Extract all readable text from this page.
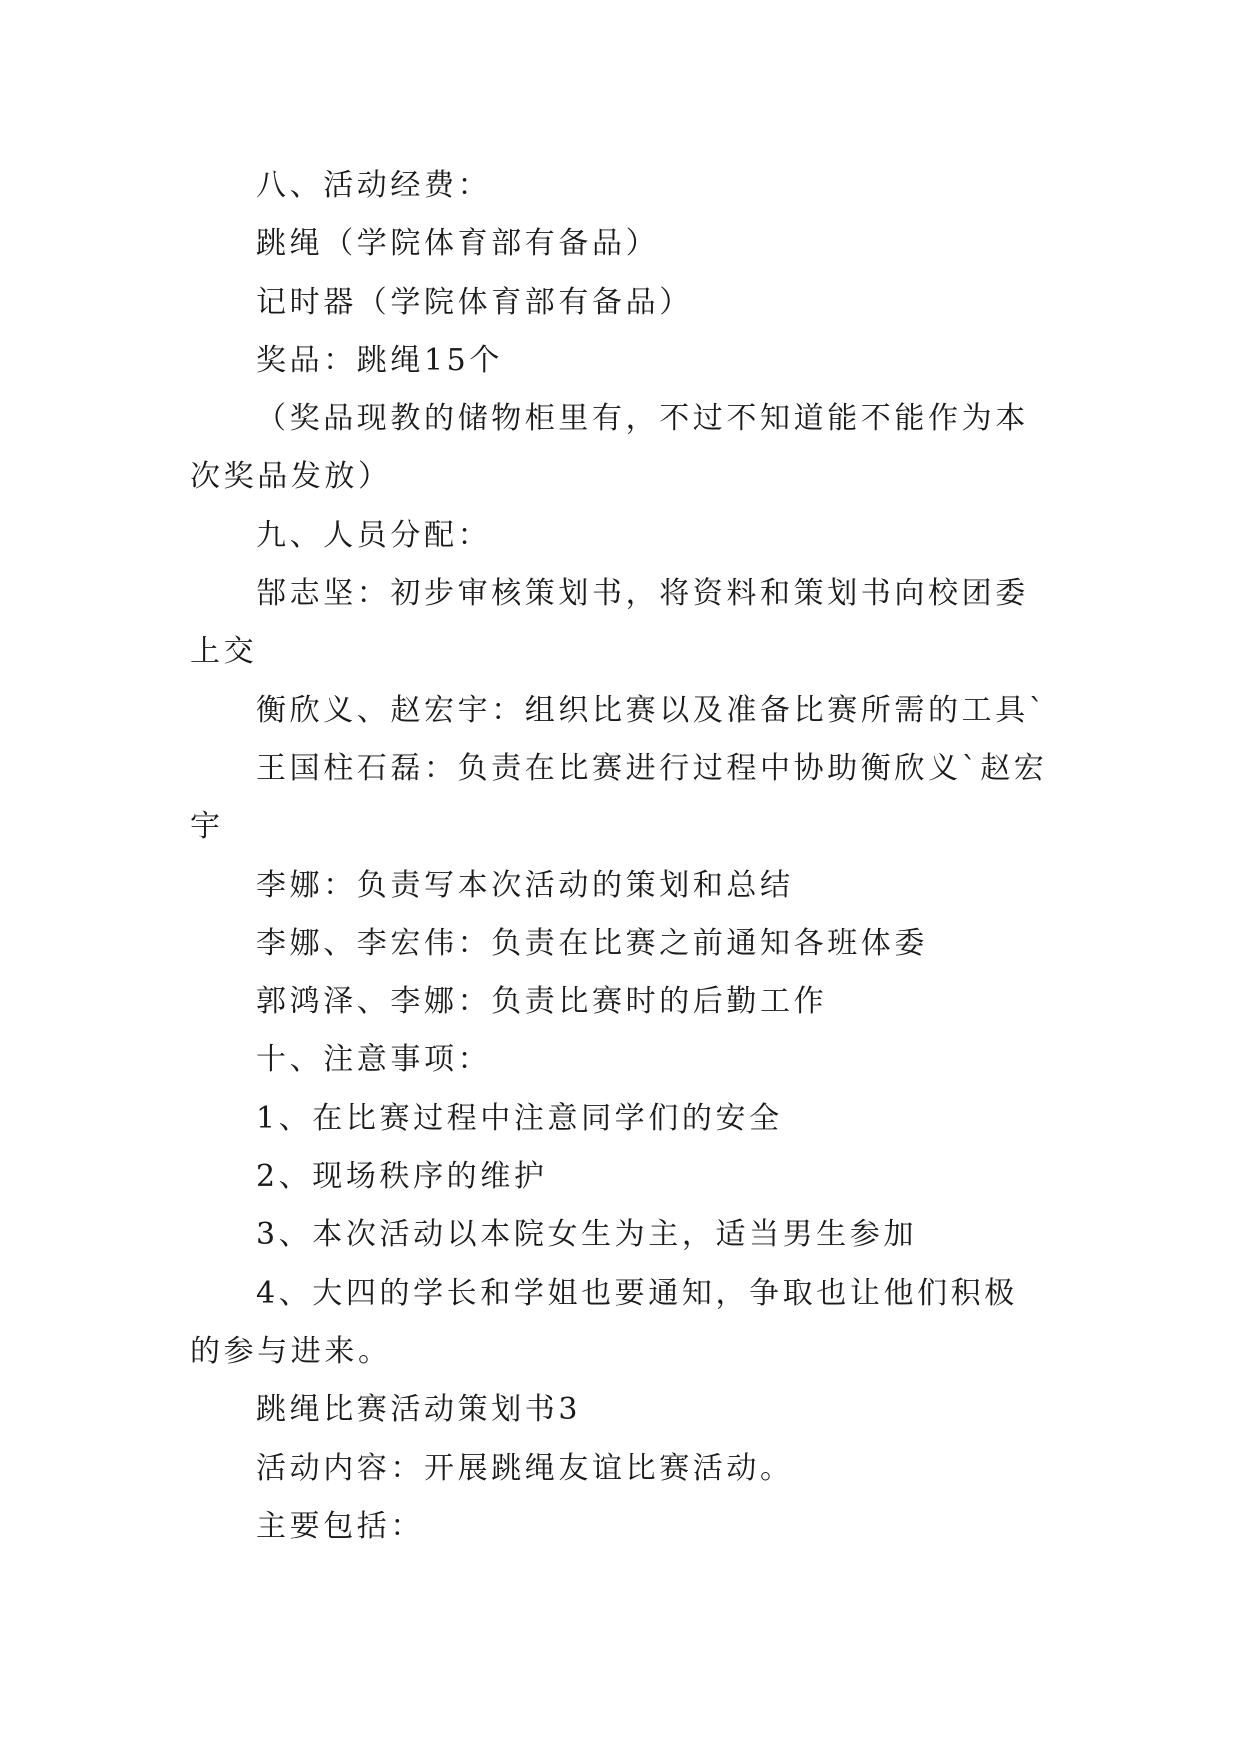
八、活动经费：

跳绳（学院体育部有备品）

记时器（学院体育部有备品）

奖品：跳绳15个

（奖品现教的储物柜里有，不过不知道能不能作为本次奖品发放）

九、人员分配：

郜志坚：初步审核策划书，将资料和策划书向校团委上交

衡欣义、赵宏宇：组织比赛以及准备比赛所需的工具`

王国柱石磊：负责在比赛进行过程中协助衡欣义`赵宏宇

李娜：负责写本次活动的策划和总结

李娜、李宏伟：负责在比赛之前通知各班体委

郭鸿泽、李娜：负责比赛时的后勤工作

十、注意事项：

1、在比赛过程中注意同学们的安全

2、现场秩序的维护

3、本次活动以本院女生为主，适当男生参加

4、大四的学长和学姐也要通知，争取也让他们积极的参与进来。

跳绳比赛活动策划书3

活动内容：开展跳绳友谊比赛活动。

主要包括：
